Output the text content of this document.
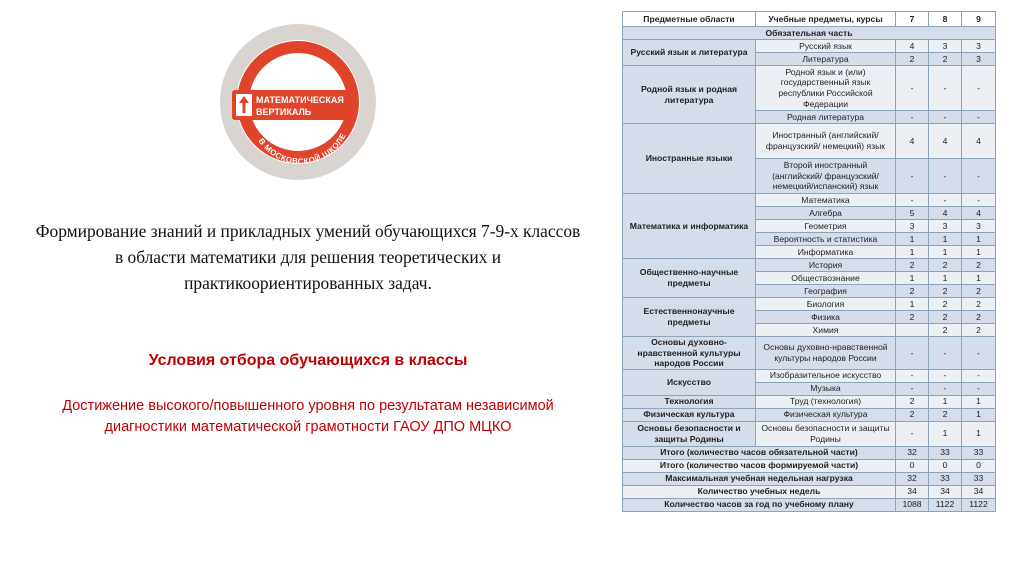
МАТЕМАТИЧЕСКАЯ
ВЕРТИКАЛЬ
В МОСКОВСКОЙ ШКОЛЕ
Формирование знаний и прикладных умений обучающихся 7-9-х классов в области математики для решения теоретических и практикоориентированных задач.
Условия отбора обучающихся в классы
Достижение высокого/повышенного уровня по результатам независимой диагностики математической грамотности ГАОУ ДПО МЦКО
Предметные области	Учебные предметы, курсы	7	8	9
Обязательная часть				
Русский язык и литература	Русский язык	4	3	3
	Литература	2	2	3
Родной язык и родная литература	Родной язык и (или) государственный язык республики Российской Федерации	-	-	-
	Родная литература	-	-	-
Иностранные языки	Иностранный (английский/французский/ немецкий) язык	4	4	4
	Второй иностранный (английский/ французский/ немецкий/испанский) язык	-	-	-
Математика и информатика	Математика	-	-	-
	Алгебра	5	4	4
	Геометрия	3	3	3
	Вероятность и статистика	1	1	1
	Информатика	1	1	1
Общественно-научные предметы	История	2	2	2
	Обществознание	1	1	1
	География	2	2	2
Естественнонаучные предметы	Биология	1	2	2
	Физика	2	2	2
	Химия		2	2
Основы духовно-нравственной культуры народов России	Основы духовно-нравственной культуры народов России	-	-	-
Искусство	Изобразительное искусство	-	-	-
	Музыка	-	-	-
Технология	Труд (технология)	2	1	1
Физическая культура	Физическая культура	2	2	1
Основы безопасности и защиты Родины	Основы безопасности и защиты Родины	-	1	1
Итого (количество часов обязательной части)		32	33	33
Итого (количество часов формируемой части)		0	0	0
Максимальная учебная недельная нагрузка		32	33	33
Количество учебных недель		34	34	34
Количество часов за год по учебному плану		1088	1122	1122
